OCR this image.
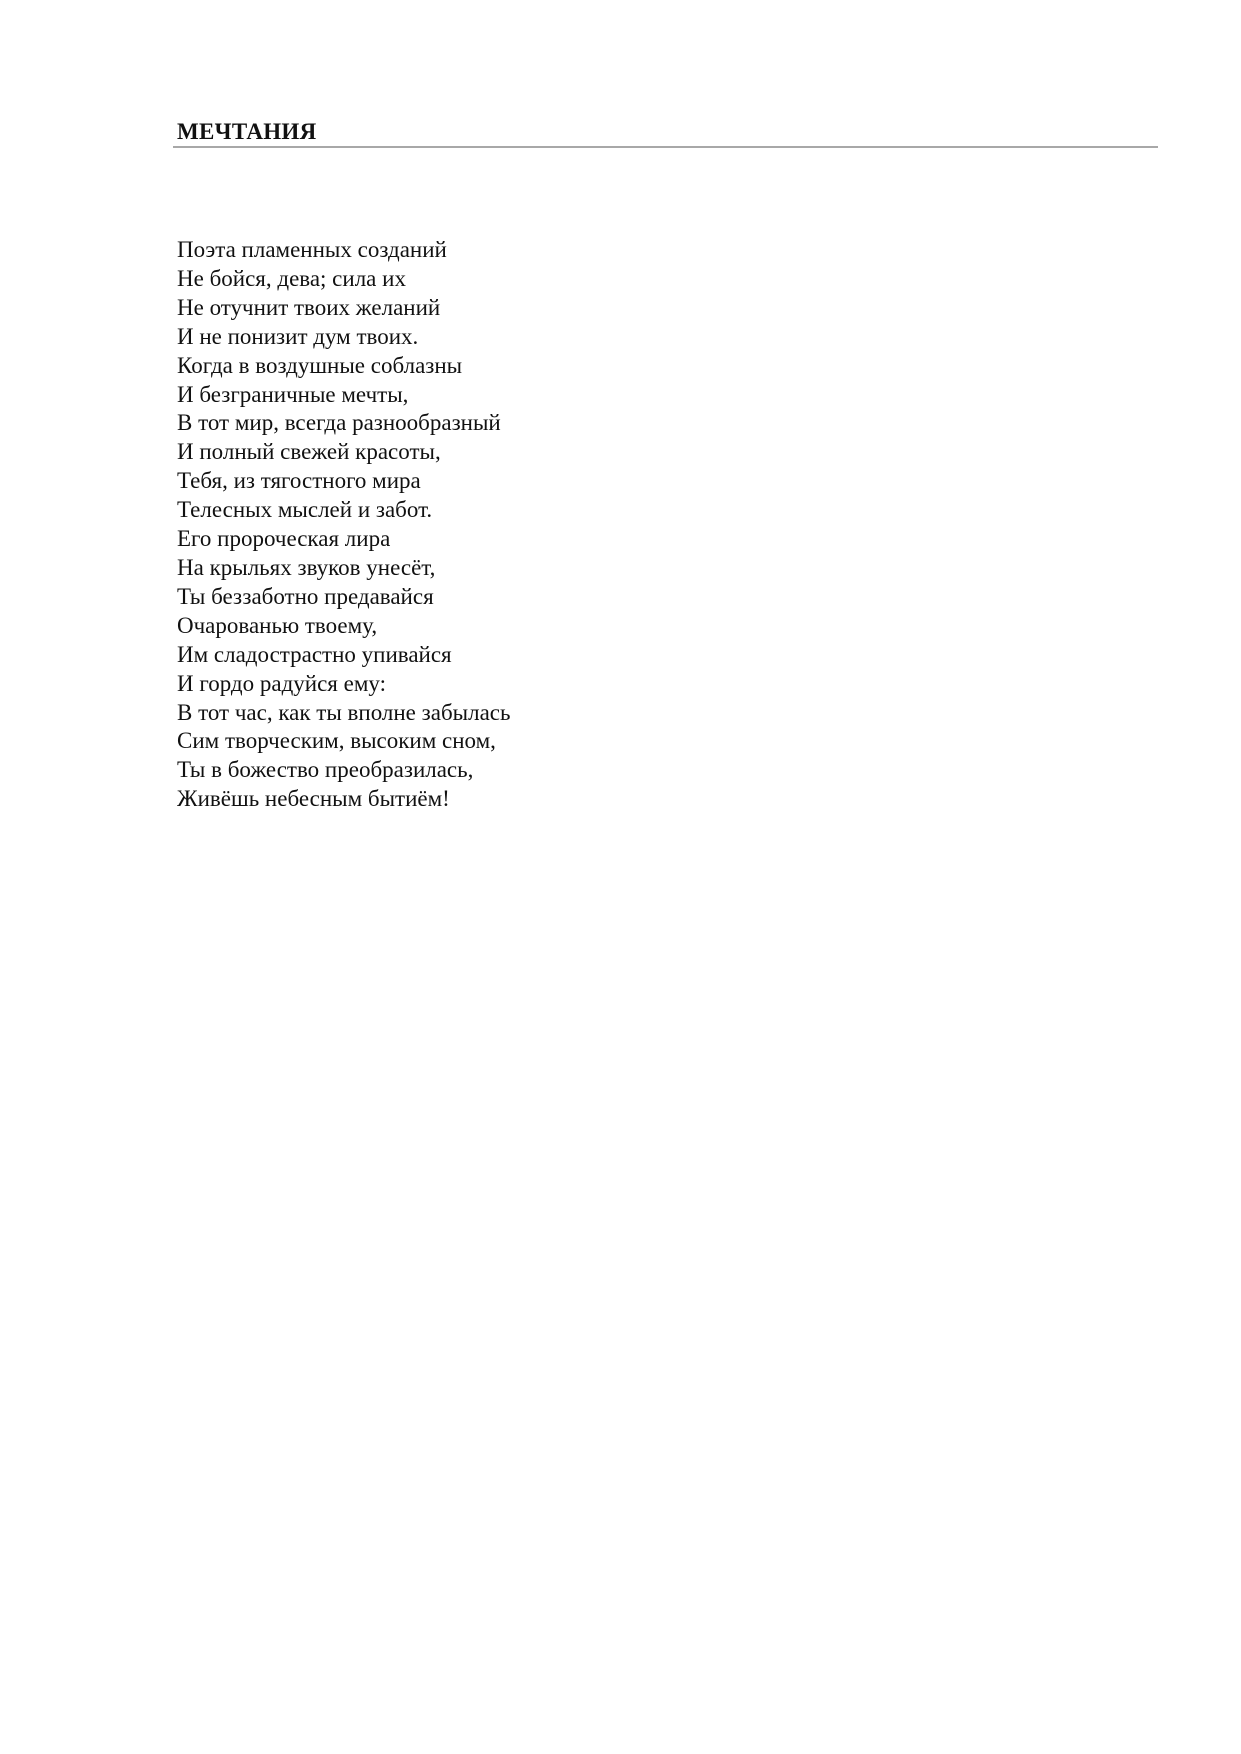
МЕЧТАНИЯ
Поэта пламенных созданий
Не бойся, дева; сила их
Не отучнит твоих желаний
И не понизит дум твоих.
Когда в воздушные соблазны
И безграничные мечты,
В тот мир, всегда разнообразный
И полный свежей красоты,
Тебя, из тягостного мира
Телесных мыслей и забот.
Его пророческая лира
На крыльях звуков унесёт,
Ты беззаботно предавайся
Очарованью твоему,
Им сладострастно упивайся
И гордо радуйся ему:
В тот час, как ты вполне забылась
Сим творческим, высоким сном,
Ты в божество преобразилась,
Живёшь небесным бытиём!
